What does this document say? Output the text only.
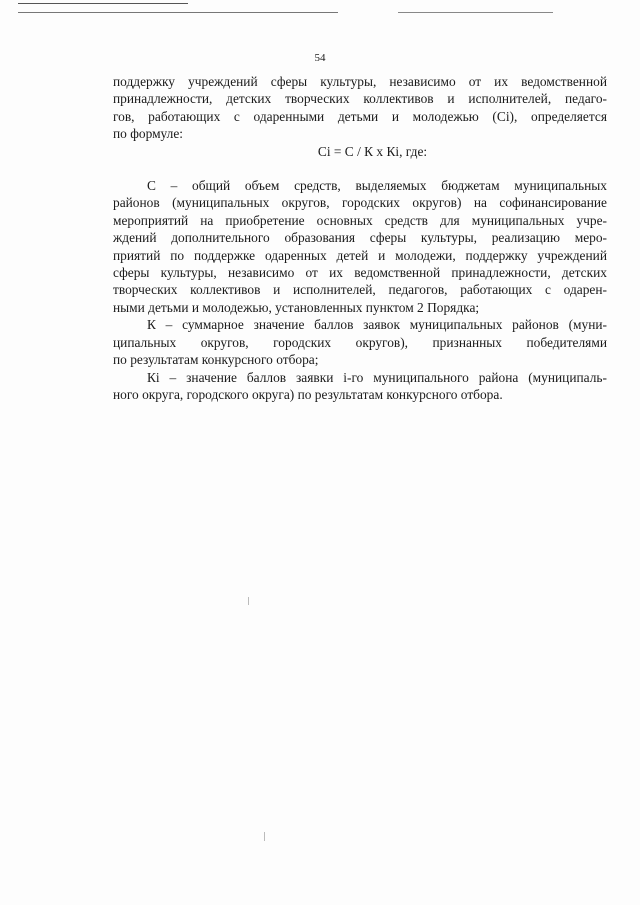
54
поддержку учреждений сферы культуры, независимо от их ведомственной
принадлежности, детских творческих коллективов и исполнителей, педаго-
гов, работающих с одаренными детьми и молодежью (Сi), определяется
по формуле:
Сi = С / К х Кi, где:
С – общий объем средств, выделяемых бюджетам муниципальных
районов (муниципальных округов, городских округов) на софинансирование
мероприятий на приобретение основных средств для муниципальных учре-
ждений дополнительного образования сферы культуры, реализацию меро-
приятий по поддержке одаренных детей и молодежи, поддержку учреждений
сферы культуры, независимо от их ведомственной принадлежности, детских
творческих коллективов и исполнителей, педагогов, работающих с одарен-
ными детьми и молодежью, установленных пунктом 2 Порядка;
К – суммарное значение баллов заявок муниципальных районов (муни-
ципальных округов, городских округов), признанных победителями
по результатам конкурсного отбора;
Кi – значение баллов заявки i-го муниципального района (муниципаль-
ного округа, городского округа) по результатам конкурсного отбора.
